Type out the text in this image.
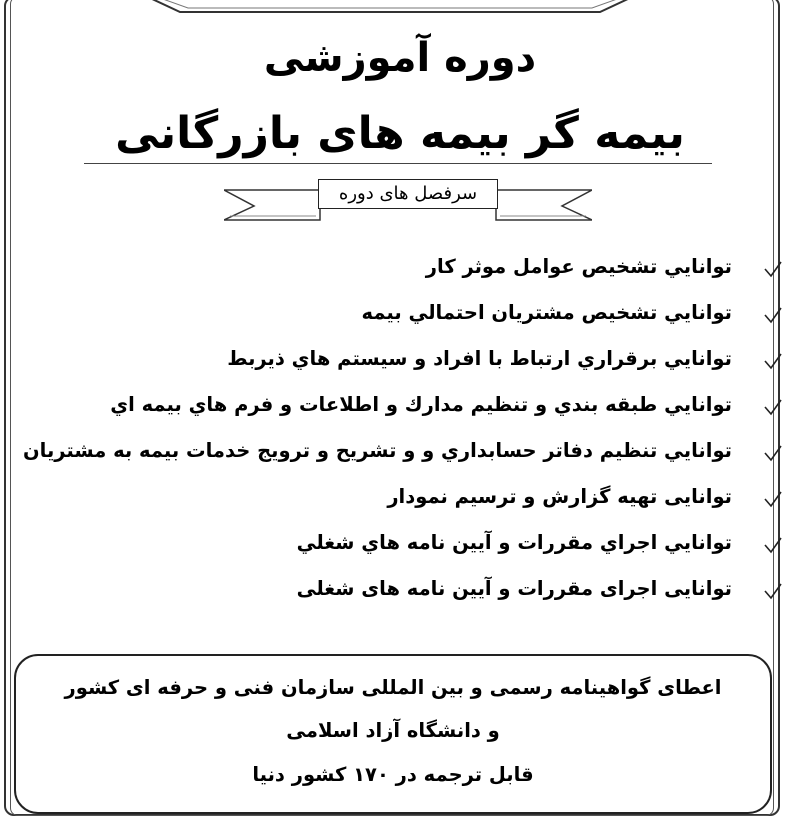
دوره آموزشی
بیمه گر بیمه های بازرگانی
سرفصل های دوره
توانايي تشخيص عوامل موثر كار
توانايي تشخيص مشتريان احتمالي بيمه
توانايي برقراري ارتباط با افراد و سيستم هاي ذيربط
توانايي طبقه بندي و تنظيم مدارك و اطلاعات و فرم هاي بيمه اي
توانايي تنظيم دفاتر حسابداري و و تشريح و ترويج خدمات بيمه به مشتريان
توانایی تهیه گزارش و ترسیم نمودار
توانايي اجراي مقررات و آيين نامه هاي شغلي
توانایی اجرای مقررات و آیین نامه های شغلی
اعطای گواهینامه رسمی و بین المللی سازمان فنی و حرفه ای کشور
و دانشگاه آزاد اسلامی
قابل ترجمه در ۱۷۰ کشور دنیا
